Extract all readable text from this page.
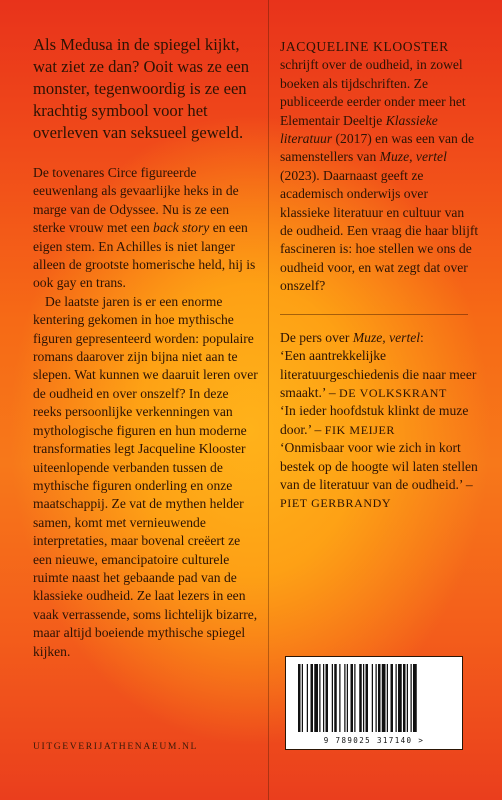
Als Medusa in de spiegel kijkt, wat ziet ze dan? Ooit was ze een monster, tegenwoordig is ze een krachtig symbool voor het overleven van seksueel geweld.

De tovenares Circe figureerde eeuwenlang als gevaarlijke heks in de marge van de Odyssee. Nu is ze een sterke vrouw met een back story en een eigen stem. En Achilles is niet langer alleen de grootste homerische held, hij is ook gay en trans.

De laatste jaren is er een enorme kentering gekomen in hoe mythische figuren gepresenteerd worden: populaire romans daarover zijn bijna niet aan te slepen. Wat kunnen we daaruit leren over de oudheid en over onszelf? In deze reeks persoonlijke verkenningen van mythologische figuren en hun moderne transformaties legt Jacqueline Klooster uiteenlopende verbanden tussen de mythische figuren onderling en onze maatschappij. Ze vat de mythen helder samen, komt met vernieuwende interpretaties, maar bovenal creëert ze een nieuwe, emancipatoire culturele ruimte naast het gebaande pad van de klassieke oudheid. Ze laat lezers in een vaak verrassende, soms lichtelijk bizarre, maar altijd boeiende mythische spiegel kijken.

UITGEVERIJATHENAEUM.NL

JACQUELINE KLOOSTER schrijft over de oudheid, in zowel boeken als tijdschriften. Ze publiceerde eerder onder meer het Elementair Deeltje Klassieke literatuur (2017) en was een van de samenstellers van Muze, vertel (2023). Daarnaast geeft ze academisch onderwijs over klassieke literatuur en cultuur van de oudheid. Een vraag die haar blijft fascineren is: hoe stellen we ons de oudheid voor, en wat zegt dat over onszelf?

De pers over Muze, vertel:

‘Een aantrekkelijke literatuurgeschiedenis die naar meer smaakt.’ – DE VOLKSKRANT

‘In ieder hoofdstuk klinkt de muze door.’ – FIK MEIJER

‘Onmisbaar voor wie zich in kort bestek op de hoogte wil laten stellen van de literatuur van de oudheid.’ – PIET GERBRANDY

9 789025 317140 >
